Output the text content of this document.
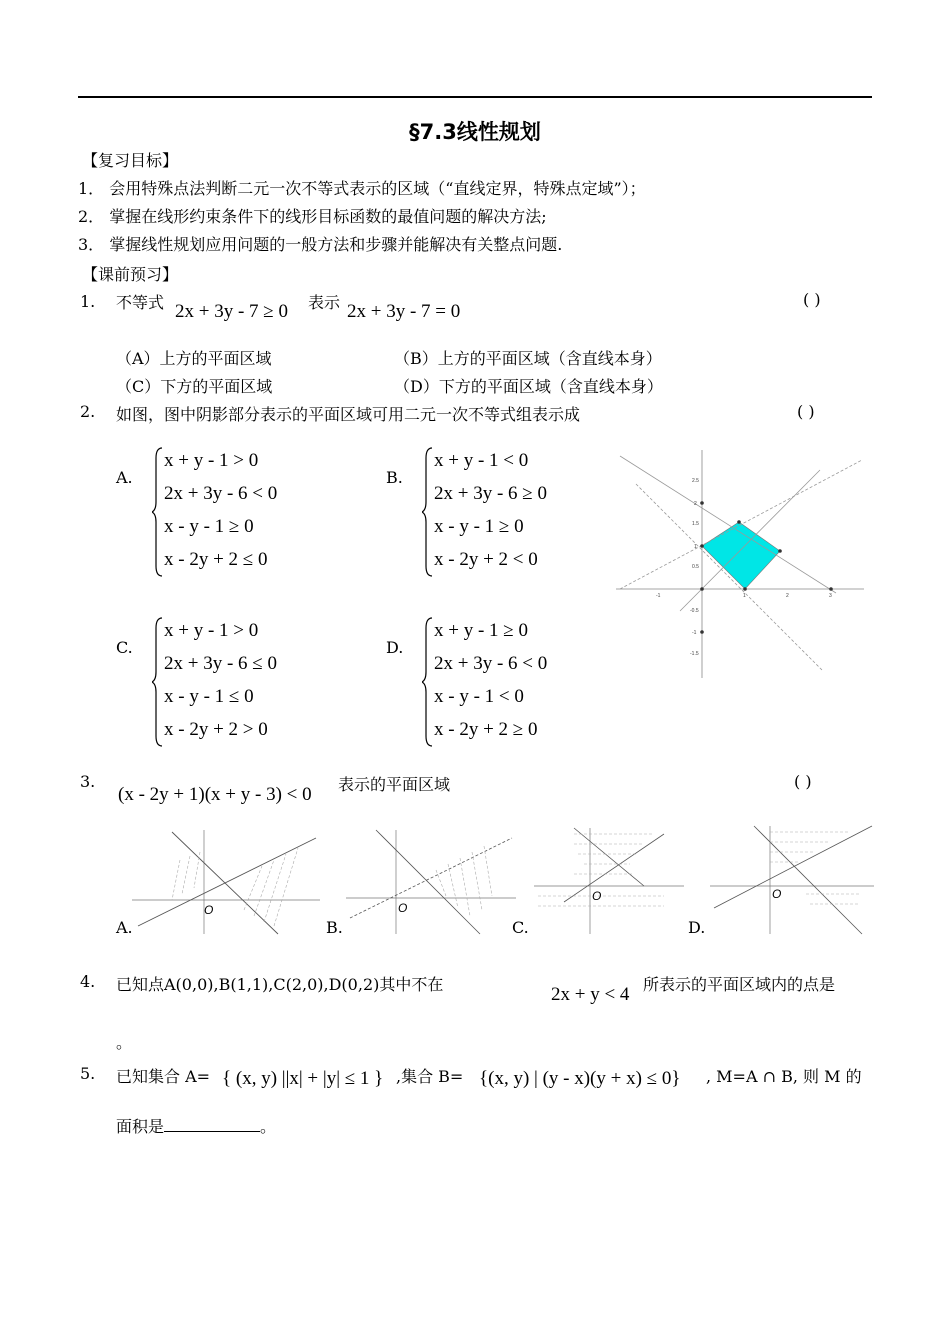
§7.3线性规划
【复习目标】
1． 会用特殊点法判断二元一次不等式表示的区域（“直线定界，特殊点定域”）；
2． 掌握在线形约束条件下的线形目标函数的最值问题的解决方法;
3． 掌握线性规划应用问题的一般方法和步骤并能解决有关整点问题.
【课前预习】
1. 不等式 2x + 3y - 7 ≥ 0 表示 2x + 3y - 7 = 0
( )
（A）上方的平面区域	（B）上方的平面区域（含直线本身）
（C）下方的平面区域	（D）下方的平面区域（含直线本身）
2. 如图，图中阴影部分表示的平面区域可用二元一次不等式组表示成	( )
A.
x + y - 1 > 0
2x + 3y - 6 < 0
x - y - 1 ≥ 0
x - 2y + 2 ≤ 0
B.
x + y - 1 < 0
2x + 3y - 6 ≥ 0
x - y - 1 ≥ 0
x - 2y + 2 < 0
C.
x + y - 1 > 0
2x + 3y - 6 ≤ 0
x - y - 1 ≤ 0
x - 2y + 2 > 0
D.
x + y - 1 ≥ 0
2x + 3y - 6 < 0
x - y - 1 < 0
x - 2y + 2 ≥ 0
-1	1	2	3
2.5
2
1.5
1
0.5
-0.5
-1
-1.5
3.
(x - 2y + 1)(x + y - 3) < 0 表示的平面区域	( )
O
A.
O
B.
O
C.
O
D.
4. 已知点A(0,0),B(1,1),C(2,0),D(0,2)其中不在	2x + y < 4 所表示的平面区域内的点是
。
5. 已知集合 A= { (x, y) ||x| + |y| ≤ 1 } ,集合 B= {(x, y) | (y - x)(y + x) ≤ 0} , M=A ∩ B, 则 M 的
面积是	。
